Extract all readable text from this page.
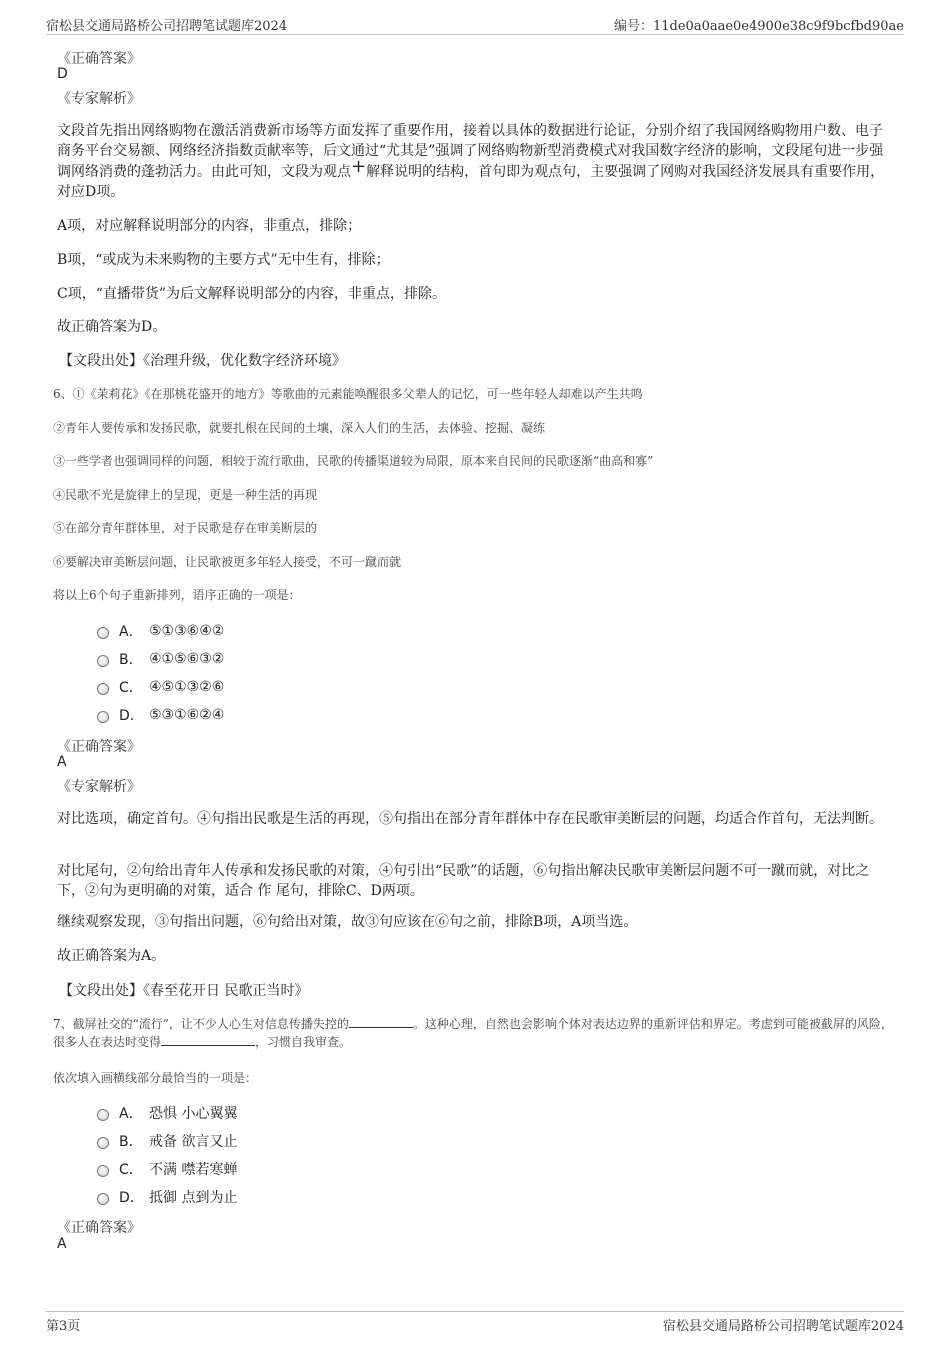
宿松县交通局路桥公司招聘笔试题库2024	编号：11de0a0aae0e4900e38c9f9bcfbd90ae
《正确答案》
D
《专家解析》
文段首先指出网络购物在激活消费新市场等方面发挥了重要作用，接着以具体的数据进行论证，分别介绍了我国网络购物用户数、电子商务平台交易额、网络经济指数贡献率等，后文通过“尤其是”强调了网络购物新型消费模式对我国数字经济的影响，文段尾句进一步强调网络消费的蓬勃活力。由此可知，文段为观点+解释说明的结构，首句即为观点句，主要强调了网购对我国经济发展具有重要作用，对应D项。
A项，对应解释说明部分的内容，非重点，排除；
B项，“或成为未来购物的主要方式”无中生有，排除；
C项，“直播带货”为后文解释说明部分的内容，非重点，排除。
故正确答案为D。
【文段出处】《治理升级，优化数字经济环境》
6、①《茉莉花》《在那桃花盛开的地方》等歌曲的元素能唤醒很多父辈人的记忆，可一些年轻人却难以产生共鸣
②青年人要传承和发扬民歌，就要扎根在民间的土壤，深入人们的生活，去体验、挖掘、凝练
③一些学者也强调同样的问题，相较于流行歌曲，民歌的传播渠道较为局限，原本来自民间的民歌逐渐“曲高和寡”
④民歌不光是旋律上的呈现，更是一种生活的再现
⑤在部分青年群体里，对于民歌是存在审美断层的
⑥要解决审美断层问题，让民歌被更多年轻人接受，不可一蹴而就
将以上6个句子重新排列，语序正确的一项是：
A． ⑤①③⑥④②
B． ④①⑤⑥③②
C． ④⑤①③②⑥
D． ⑤③①⑥②④
《正确答案》
A
《专家解析》
对比选项，确定首句。④句指出民歌是生活的再现，⑤句指出在部分青年群体中存在民歌审美断层的问题，均适合作首句，无法判断。
对比尾句，②句给出青年人传承和发扬民歌的对策，④句引出“民歌”的话题，⑥句指出解决民歌审美断层问题不可一蹴而就，对比之下，②句为更明确的对策，适合 作 尾句，排除C、D两项。
继续观察发现，③句指出问题，⑥句给出对策，故③句应该在⑥句之前，排除B项，A项当选。
故正确答案为A。
【文段出处】《春至花开日 民歌正当时》
7、截屏社交的“流行”，让不少人心生对信息传播失控的	。这种心理，自然也会影响个体对表达边界的重新评估和界定。考虑到可能被截屏的风险，很多人在表达时变得	，习惯自我审查。
依次填入画横线部分最恰当的一项是：
A． 恐惧 小心翼翼
B． 戒备 欲言又止
C． 不满 噤若寒蝉
D． 抵御 点到为止
《正确答案》
A
第3页	宿松县交通局路桥公司招聘笔试题库2024
